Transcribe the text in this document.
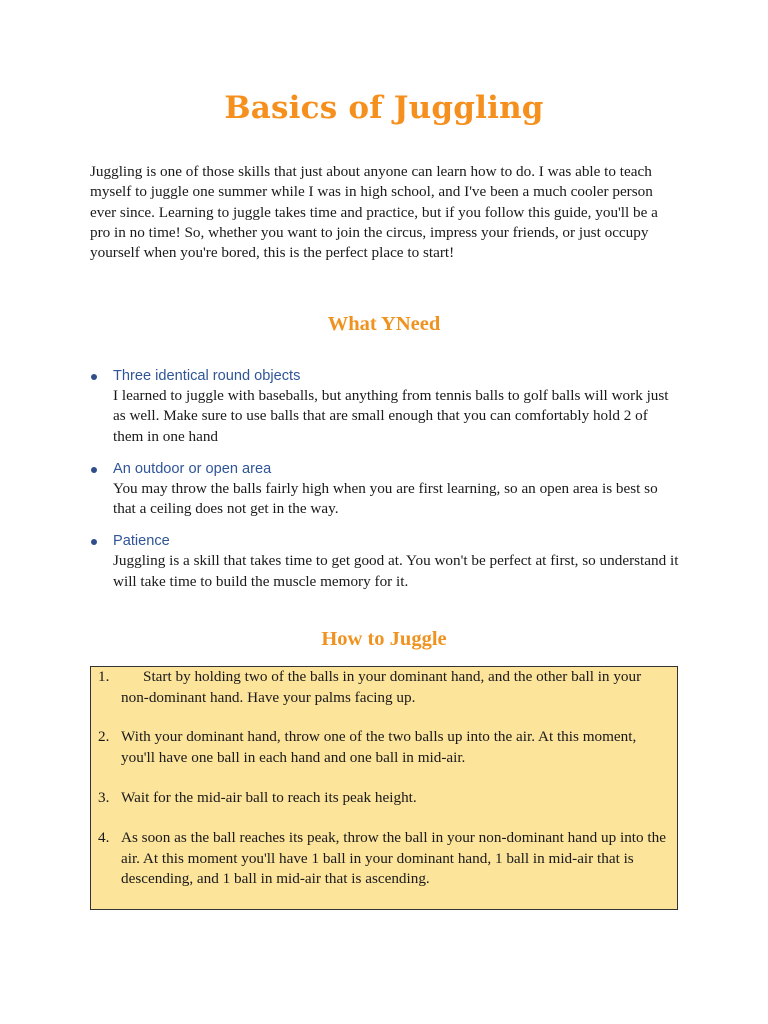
Basics of Juggling

Juggling is one of those skills that just about anyone can learn how to do. I was able to teach myself to juggle one summer while I was in high school, and I've been a much cooler person ever since. Learning to juggle takes time and practice, but if you follow this guide, you'll be a pro in no time! So, whether you want to join the circus, impress your friends, or just occupy yourself when you're bored, this is the perfect place to start!

What YNeed
Three identical round objects
I learned to juggle with baseballs, but anything from tennis balls to golf balls will work just as well. Make sure to use balls that are small enough that you can comfortably hold 2 of them in one hand
An outdoor or open area
You may throw the balls fairly high when you are first learning, so an open area is best so that a ceiling does not get in the way.
Patience
Juggling is a skill that takes time to get good at. You won't be perfect at first, so understand it will take time to build the muscle memory for it.
How to Juggle
1.	Start by holding two of the balls in your dominant hand, and the other ball in your non-dominant hand. Have your palms facing up.
2. With your dominant hand, throw one of the two balls up into the air. At this moment, you'll have one ball in each hand and one ball in mid-air.
3. Wait for the mid-air ball to reach its peak height.
4. As soon as the ball reaches its peak, throw the ball in your non-dominant hand up into the air. At this moment you'll have 1 ball in your dominant hand, 1 ball in mid-air that is descending, and 1 ball in mid-air that is ascending.
